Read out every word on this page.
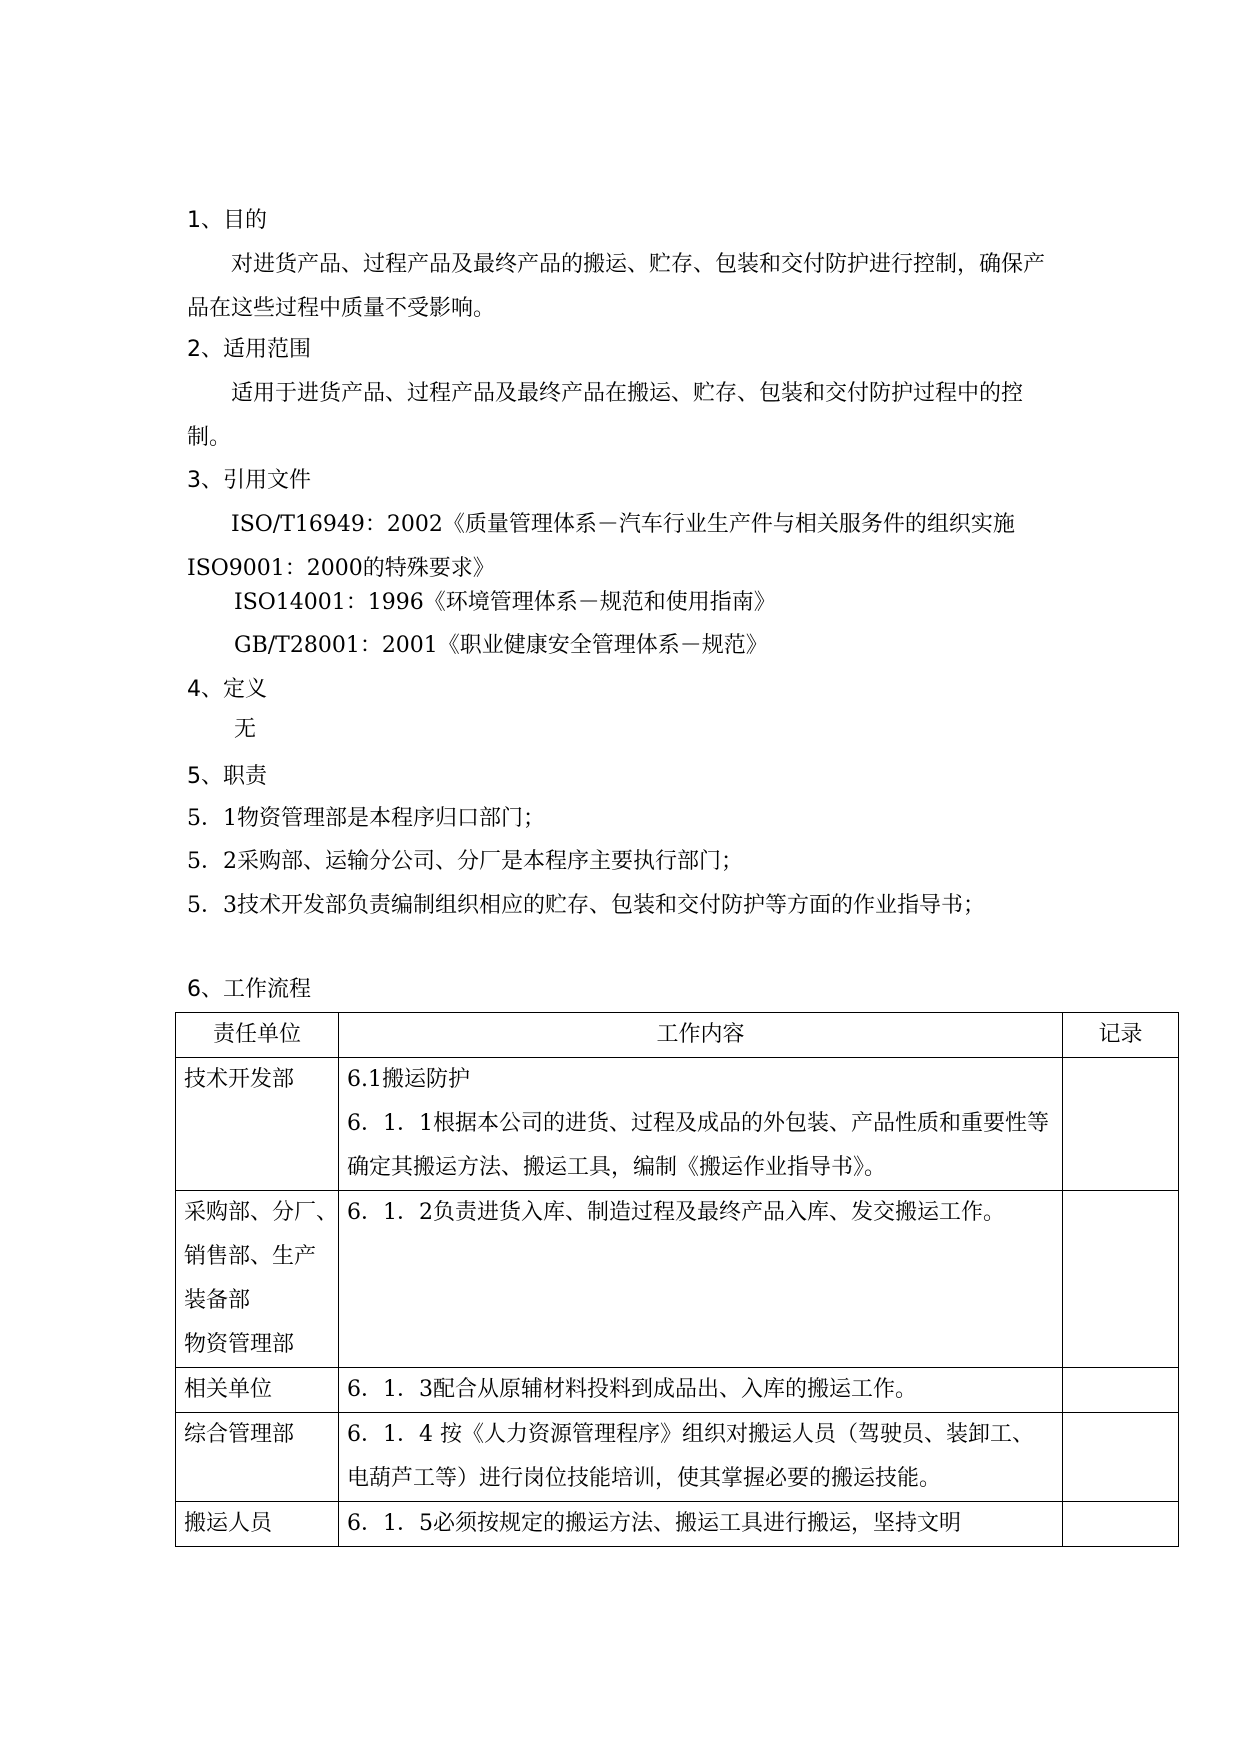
1、目的
对进货产品、过程产品及最终产品的搬运、贮存、包装和交付防护进行控制，确保产品在这些过程中质量不受影响。
2、适用范围
适用于进货产品、过程产品及最终产品在搬运、贮存、包装和交付防护过程中的控制。
3、引用文件
ISO/T16949：2002《质量管理体系－汽车行业生产件与相关服务件的组织实施ISO9001：2000的特殊要求》
ISO14001：1996《环境管理体系－规范和使用指南》
GB/T28001：2001《职业健康安全管理体系－规范》
4、定义
无
5、职责
5．1物资管理部是本程序归口部门；
5．2采购部、运输分公司、分厂是本程序主要执行部门；
5．3技术开发部负责编制组织相应的贮存、包装和交付防护等方面的作业指导书；
6、工作流程
责任单位	工作内容	记录

技术开发部	6.1搬运防护
6．1．1根据本公司的进货、过程及成品的外包装、产品性质和重要性等确定其搬运方法、搬运工具，编制《搬运作业指导书》。	

采购部、分厂、
销售部、生产
装备部
物资管理部	6．1．2负责进货入库、制造过程及最终产品入库、发交搬运工作。	

相关单位	6．1．3配合从原辅材料投料到成品出、入库的搬运工作。	

综合管理部	6．1．4 按《人力资源管理程序》组织对搬运人员（驾驶员、装卸工、电葫芦工等）进行岗位技能培训，使其掌握必要的搬运技能。	

搬运人员	6．1．5必须按规定的搬运方法、搬运工具进行搬运，坚持文明	
